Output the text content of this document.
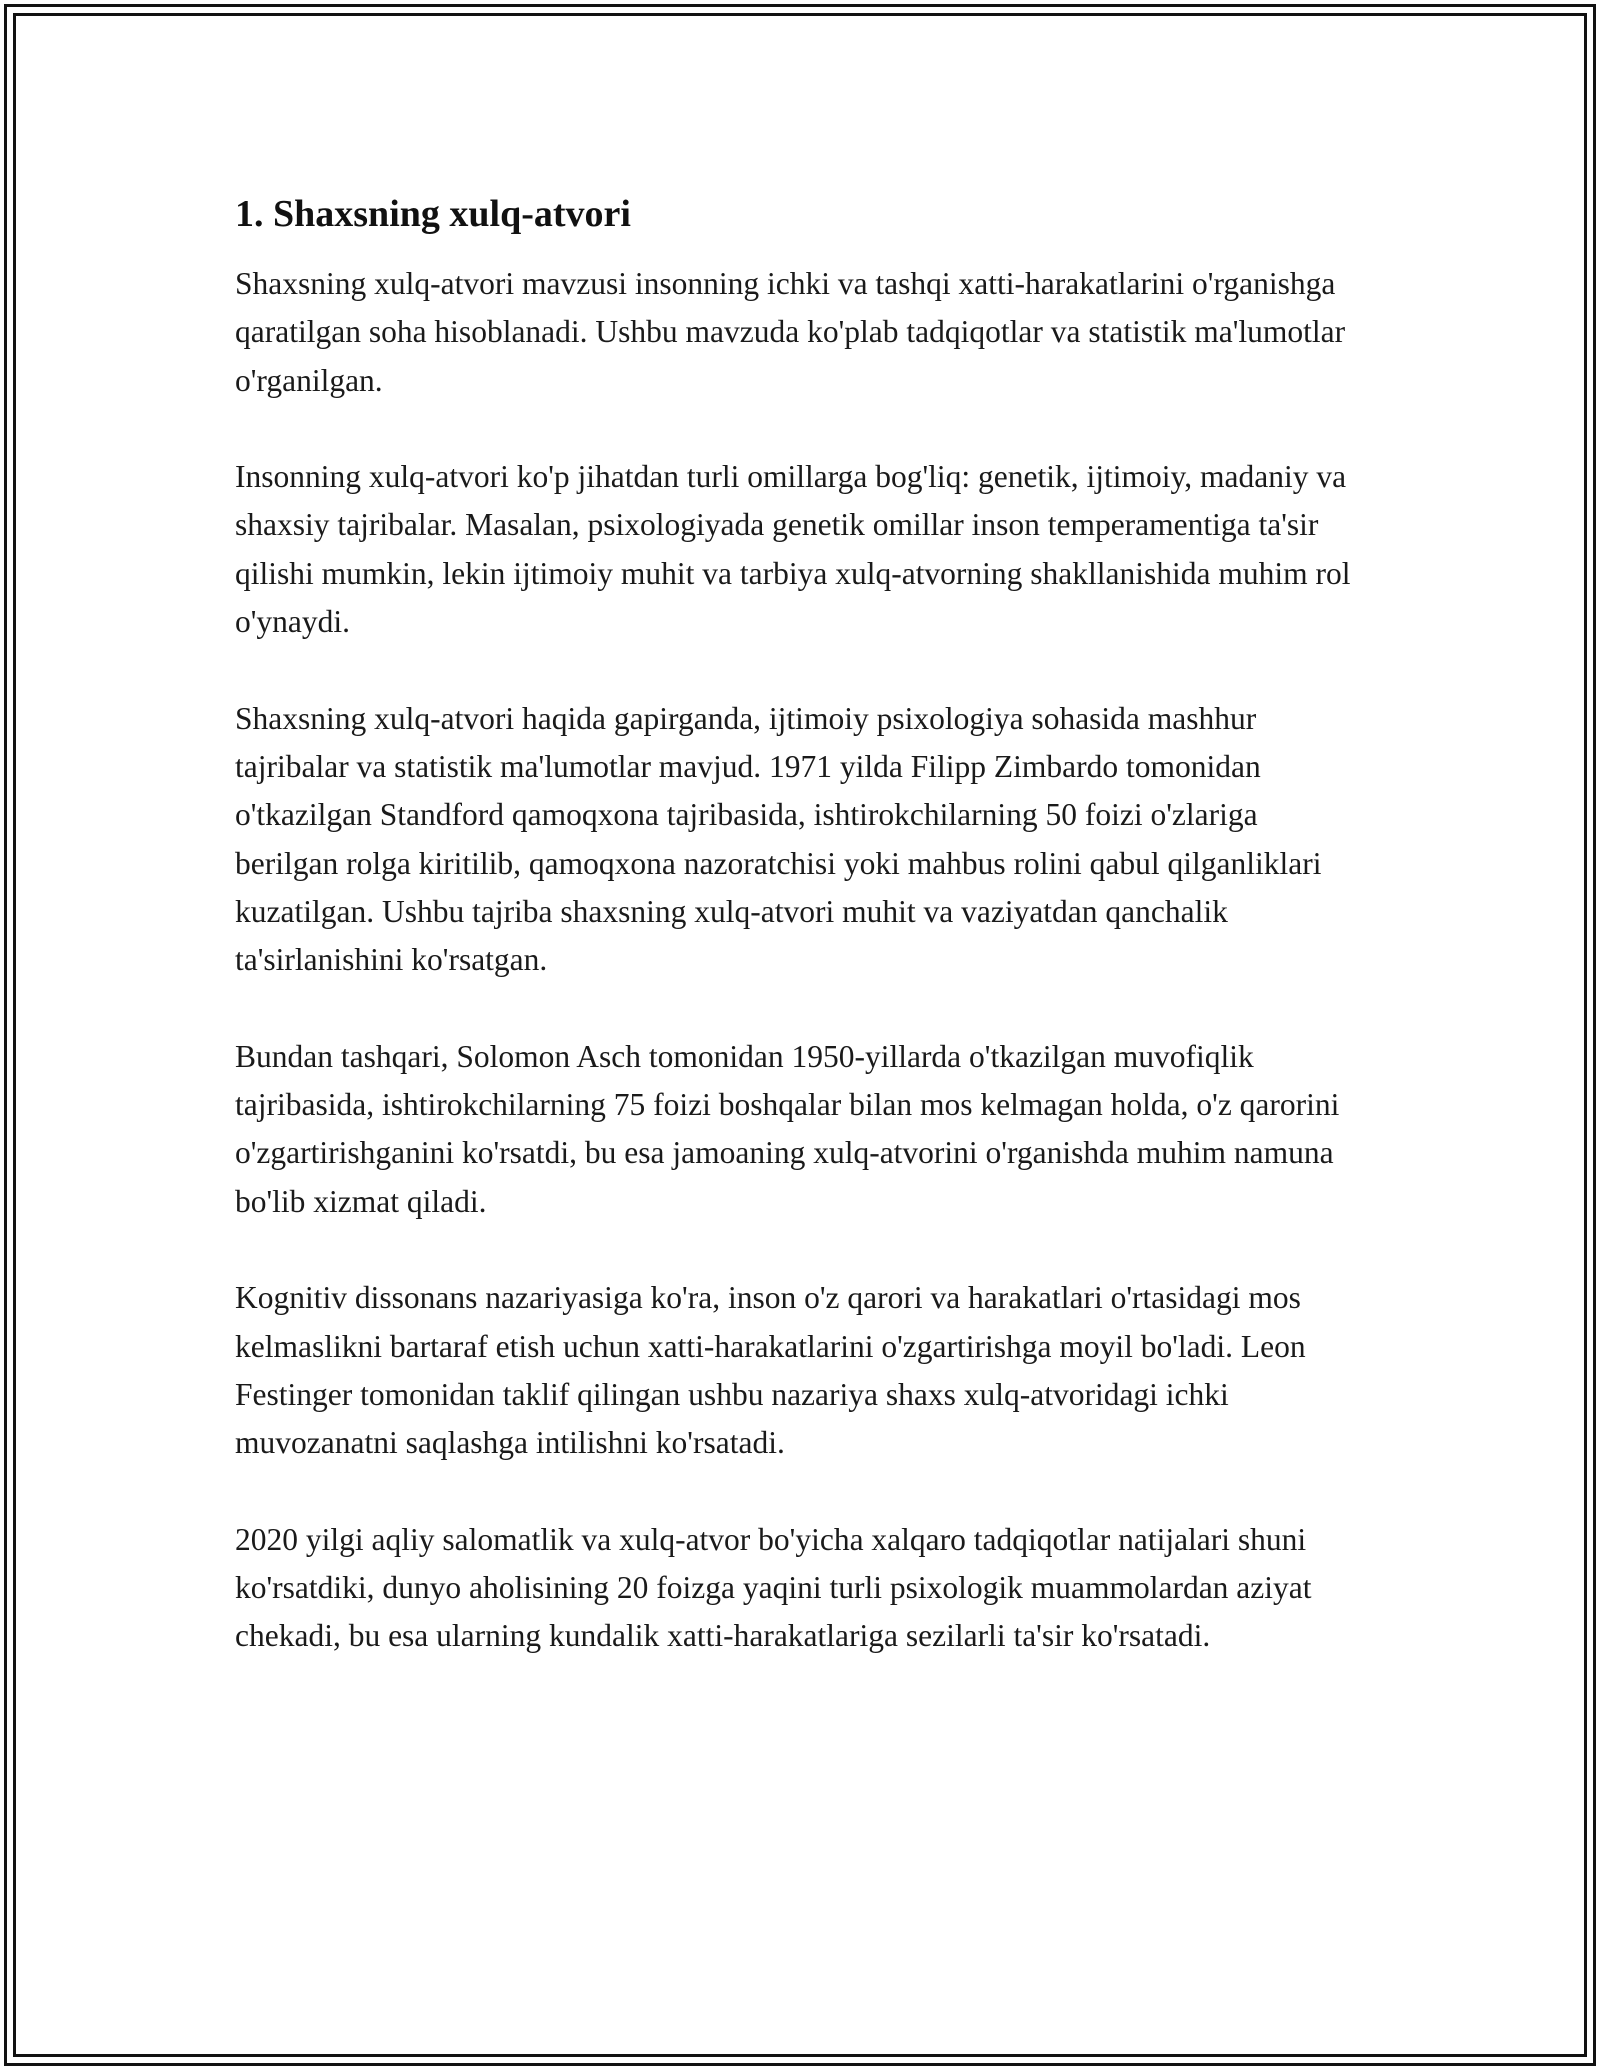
1. Shaxsning xulq-atvori

Shaxsning xulq-atvori mavzusi insonning ichki va tashqi xatti-harakatlarini o'rganishga qaratilgan soha hisoblanadi. Ushbu mavzuda ko'plab tadqiqotlar va statistik ma'lumotlar o'rganilgan.

Insonning xulq-atvori ko'p jihatdan turli omillarga bog'liq: genetik, ijtimoiy, madaniy va shaxsiy tajribalar. Masalan, psixologiyada genetik omillar inson temperamentiga ta'sir qilishi mumkin, lekin ijtimoiy muhit va tarbiya xulq-atvorning shakllanishida muhim rol o'ynaydi.

Shaxsning xulq-atvori haqida gapirganda, ijtimoiy psixologiya sohasida mashhur tajribalar va statistik ma'lumotlar mavjud. 1971 yilda Filipp Zimbardo tomonidan o'tkazilgan Standford qamoqxona tajribasida, ishtirokchilarning 50 foizi o'zlariga berilgan rolga kiritilib, qamoqxona nazoratchisi yoki mahbus rolini qabul qilganliklari kuzatilgan. Ushbu tajriba shaxsning xulq-atvori muhit va vaziyatdan qanchalik ta'sirlanishini ko'rsatgan.

Bundan tashqari, Solomon Asch tomonidan 1950-yillarda o'tkazilgan muvofiqlik tajribasida, ishtirokchilarning 75 foizi boshqalar bilan mos kelmagan holda, o'z qarorini o'zgartirishganini ko'rsatdi, bu esa jamoaning xulq-atvorini o'rganishda muhim namuna bo'lib xizmat qiladi.

Kognitiv dissonans nazariyasiga ko'ra, inson o'z qarori va harakatlari o'rtasidagi mos kelmaslikni bartaraf etish uchun xatti-harakatlarini o'zgartirishga moyil bo'ladi. Leon Festinger tomonidan taklif qilingan ushbu nazariya shaxs xulq-atvoridagi ichki muvozanatni saqlashga intilishni ko'rsatadi.

2020 yilgi aqliy salomatlik va xulq-atvor bo'yicha xalqaro tadqiqotlar natijalari shuni ko'rsatdiki, dunyo aholisining 20 foizga yaqini turli psixologik muammolardan aziyat chekadi, bu esa ularning kundalik xatti-harakatlariga sezilarli ta'sir ko'rsatadi.
